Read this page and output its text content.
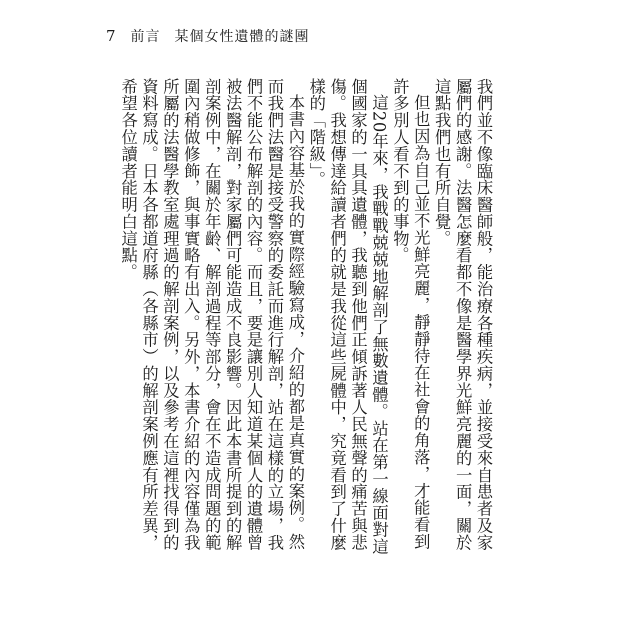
7 前言 某個女性遺體的謎團

我們並不像臨床醫師般，能治療各種疾病，並接受來自患者及家屬們的感謝。法醫怎麼看都不像是醫學界光鮮亮麗的一面，關於這點我們也有所自覺。

但也因為自己並不光鮮亮麗，靜靜待在社會的角落，才能看到許多別人看不到的事物。

這20年來，我戰戰兢兢地解剖了無數遺體。站在第一線面對這個國家的一具具遺體，我聽到他們正傾訴著人民無聲的痛苦與悲傷。我想傳達給讀者們的就是我從這些屍體中，究竟看到了什麼樣的「階級」。

本書內容基於我的實際經驗寫成，介紹的都是真實的案例。然而我們法醫是接受警察的委託而進行解剖，站在這樣的立場，我們不能公布解剖的內容。而且，要是讓別人知道某個人的遺體曾被法醫解剖，對家屬們可能造成不良影響。因此本書所提到的解剖案例中，在關於年齡、解剖過程等部分，會在不造成問題的範圍內稍做修飾，與事實略有出入。另外，本書介紹的內容僅為我所屬的法醫學教室處理過的解剖案例，以及參考在這裡找得到的資料寫成。日本各都道府縣（各縣市）的解剖案例應有所差異，希望各位讀者能明白這點。
